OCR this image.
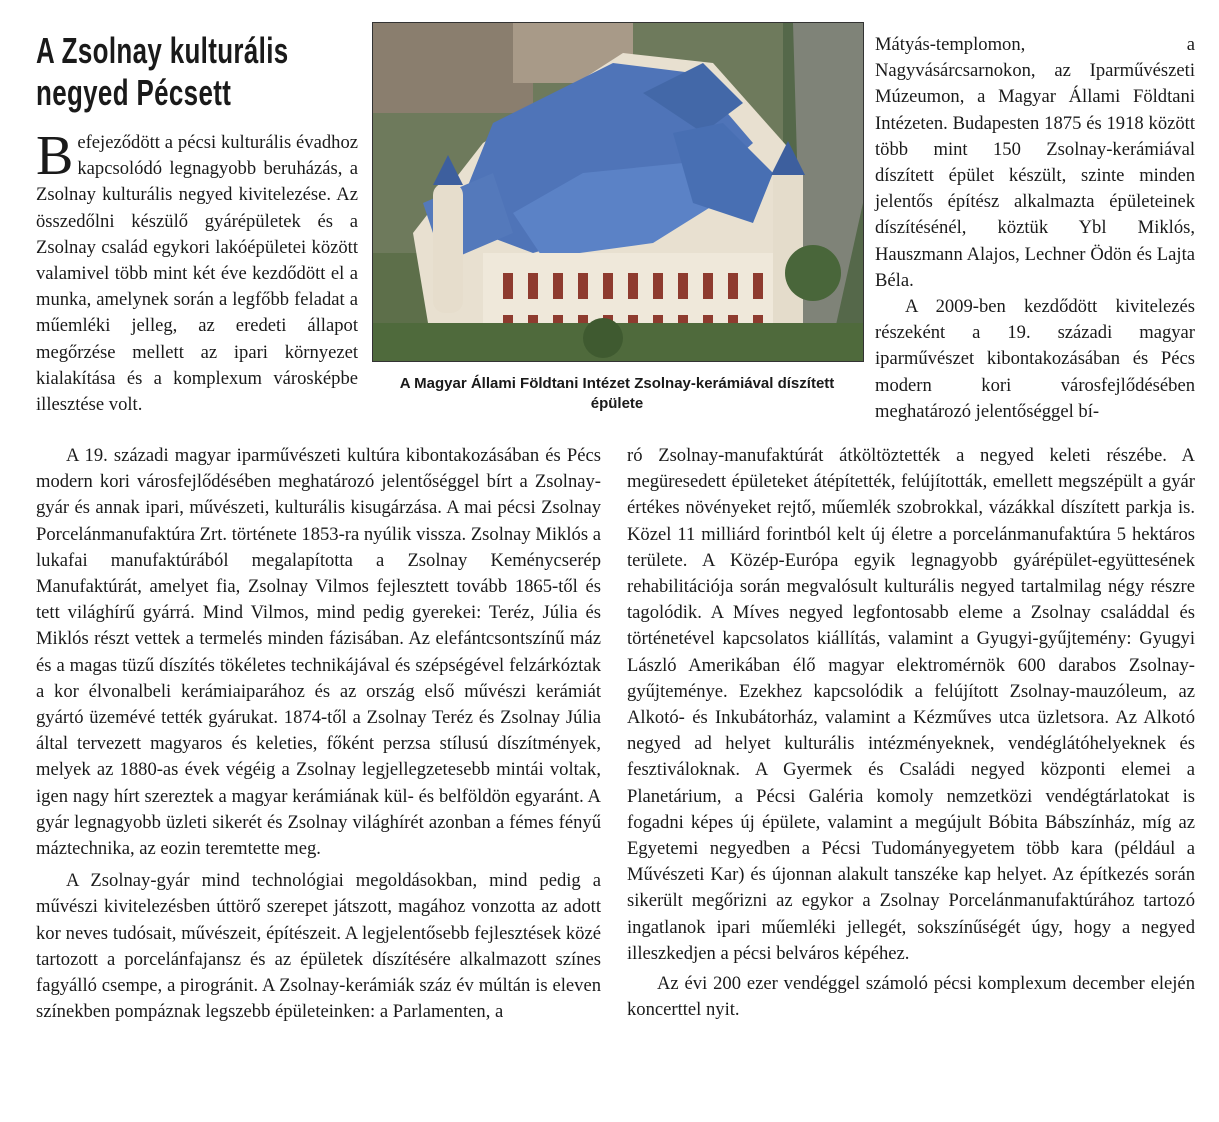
A Zsolnay kulturális
negyed Pécsett

Befejeződött a pécsi kulturális évadhoz kapcsolódó legnagyobb beruházás, a Zsolnay kulturális negyed kivitelezése. Az összedőlni készülő gyárépületek és a Zsolnay család egykori lakóépületei között valamivel több mint két éve kezdődött el a munka, amelynek során a legfőbb feladat a műemléki jelleg, az eredeti állapot megőrzése mellett az ipari környezet kialakítása és a komplexum városképbe illesztése volt.

A Magyar Állami Földtani Intézet Zsolnay-kerámiával díszített épülete

Mátyás-templomon, a Nagyvásárcsarnokon, az Iparművészeti Múzeumon, a Magyar Állami Földtani Intézeten. Budapesten 1875 és 1918 között több mint 150 Zsolnay-kerámiával díszített épület készült, szinte minden jelentős építész alkalmazta épületeinek díszítésénél, köztük Ybl Miklós, Hauszmann Alajos, Lechner Ödön és Lajta Béla.

A 2009-ben kezdődött kivitelezés részeként a 19. századi magyar iparművészet kibontakozásában és Pécs modern kori városfejlődésében meghatározó jelentőséggel bí-

A 19. századi magyar iparművészeti kultúra kibontakozásában és Pécs modern kori városfejlődésében meghatározó jelentőséggel bírt a Zsolnay-gyár és annak ipari, művészeti, kulturális kisugárzása. A mai pécsi Zsolnay Porcelánmanufaktúra Zrt. története 1853-ra nyúlik vissza. Zsolnay Miklós a lukafai manufaktúrából megalapította a Zsolnay Keménycserép Manufaktúrát, amelyet fia, Zsolnay Vilmos fejlesztett tovább 1865-től és tett világhírű gyárrá. Mind Vilmos, mind pedig gyerekei: Teréz, Júlia és Miklós részt vettek a termelés minden fázisában. Az elefántcsontszínű máz és a magas tüzű díszítés tökéletes technikájával és szépségével felzárkóztak a kor élvonalbeli kerámiaiparához és az ország első művészi kerámiát gyártó üzemévé tették gyárukat. 1874-től a Zsolnay Teréz és Zsolnay Júlia által tervezett magyaros és keleties, főként perzsa stílusú díszítmények, melyek az 1880-as évek végéig a Zsolnay legjellegzetesebb mintái voltak, igen nagy hírt szereztek a magyar kerámiának kül- és belföldön egyaránt. A gyár legnagyobb üzleti sikerét és Zsolnay világhírét azonban a fémes fényű máztechnika, az eozin teremtette meg.

A Zsolnay-gyár mind technológiai megoldásokban, mind pedig a művészi kivitelezésben úttörő szerepet játszott, magához vonzotta az adott kor neves tudósait, művészeit, építészeit. A legjelentősebb fejlesztések közé tartozott a porcelánfajansz és az épületek díszítésére alkalmazott színes fagyálló csempe, a pirogránit. A Zsolnay-kerámiák száz év múltán is eleven színekben pompáznak legszebb épületeinken: a Parlamenten, a

ró Zsolnay-manufaktúrát átköltöztették a negyed keleti részébe. A megüresedett épületeket átépítették, felújították, emellett megszépült a gyár értékes növényeket rejtő, műemlék szobrokkal, vázákkal díszített parkja is. Közel 11 milliárd forintból kelt új életre a porcelánmanufaktúra 5 hektáros területe. A Közép-Európa egyik legnagyobb gyárépület-együttesének rehabilitációja során megvalósult kulturális negyed tartalmilag négy részre tagolódik. A Míves negyed legfontosabb eleme a Zsolnay családdal és történetével kapcsolatos kiállítás, valamint a Gyugyi-gyűjtemény: Gyugyi László Amerikában élő magyar elektromérnök 600 darabos Zsolnay-gyűjteménye. Ezekhez kapcsolódik a felújított Zsolnay-mauzóleum, az Alkotó- és Inkubátorház, valamint a Kézműves utca üzletsora. Az Alkotó negyed ad helyet kulturális intézményeknek, vendéglátóhelyeknek és fesztiváloknak. A Gyermek és Családi negyed központi elemei a Planetárium, a Pécsi Galéria komoly nemzetközi vendégtárlatokat is fogadni képes új épülete, valamint a megújult Bóbita Bábszínház, míg az Egyetemi negyedben a Pécsi Tudományegyetem több kara (például a Művészeti Kar) és újonnan alakult tanszéke kap helyet. Az építkezés során sikerült megőrizni az egykor a Zsolnay Porcelánmanufaktúrához tartozó ingatlanok ipari műemléki jellegét, sokszínűségét úgy, hogy a negyed illeszkedjen a pécsi belváros képéhez.

Az évi 200 ezer vendéggel számoló pécsi komplexum december elején koncerttel nyit.
